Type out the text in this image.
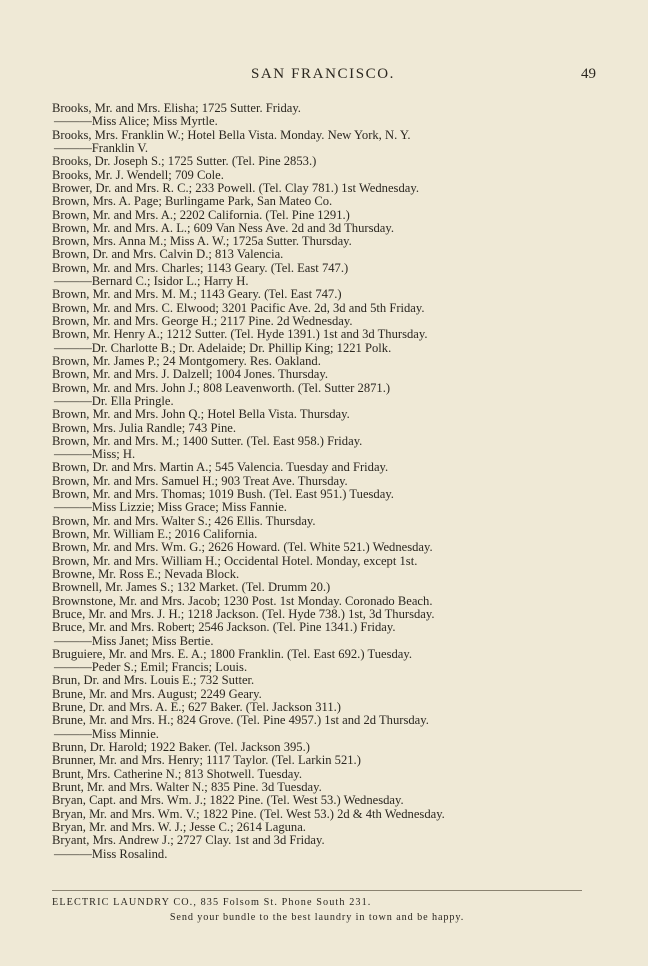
SAN FRANCISCO.	49
Brooks, Mr. and Mrs. Elisha; 1725 Sutter. Friday.
———Miss Alice; Miss Myrtle.
Brooks, Mrs. Franklin W.; Hotel Bella Vista. Monday. New York, N. Y.
———Franklin V.
Brooks, Dr. Joseph S.; 1725 Sutter. (Tel. Pine 2853.)
Brooks, Mr. J. Wendell; 709 Cole.
Brower, Dr. and Mrs. R. C.; 233 Powell. (Tel. Clay 781.) 1st Wednesday.
Brown, Mrs. A. Page; Burlingame Park, San Mateo Co.
Brown, Mr. and Mrs. A.; 2202 California. (Tel. Pine 1291.)
Brown, Mr. and Mrs. A. L.; 609 Van Ness Ave. 2d and 3d Thursday.
Brown, Mrs. Anna M.; Miss A. W.; 1725a Sutter. Thursday.
Brown, Dr. and Mrs. Calvin D.; 813 Valencia.
Brown, Mr. and Mrs. Charles; 1143 Geary. (Tel. East 747.)
———Bernard C.; Isidor L.; Harry H.
Brown, Mr. and Mrs. M. M.; 1143 Geary. (Tel. East 747.)
Brown, Mr. and Mrs. C. Elwood; 3201 Pacific Ave. 2d, 3d and 5th Friday.
Brown, Mr. and Mrs. George H.; 2117 Pine. 2d Wednesday.
Brown, Mr. Henry A.; 1212 Sutter. (Tel. Hyde 1391.) 1st and 3d Thursday.
———Dr. Charlotte B.; Dr. Adelaide; Dr. Phillip King; 1221 Polk.
Brown, Mr. James P.; 24 Montgomery. Res. Oakland.
Brown, Mr. and Mrs. J. Dalzell; 1004 Jones. Thursday.
Brown, Mr. and Mrs. John J.; 808 Leavenworth. (Tel. Sutter 2871.)
———Dr. Ella Pringle.
Brown, Mr. and Mrs. John Q.; Hotel Bella Vista. Thursday.
Brown, Mrs. Julia Randle; 743 Pine.
Brown, Mr. and Mrs. M.; 1400 Sutter. (Tel. East 958.) Friday.
———Miss; H.
Brown, Dr. and Mrs. Martin A.; 545 Valencia. Tuesday and Friday.
Brown, Mr. and Mrs. Samuel H.; 903 Treat Ave. Thursday.
Brown, Mr. and Mrs. Thomas; 1019 Bush. (Tel. East 951.) Tuesday.
———Miss Lizzie; Miss Grace; Miss Fannie.
Brown, Mr. and Mrs. Walter S.; 426 Ellis. Thursday.
Brown, Mr. William E.; 2016 California.
Brown, Mr. and Mrs. Wm. G.; 2626 Howard. (Tel. White 521.) Wednesday.
Brown, Mr. and Mrs. William H.; Occidental Hotel. Monday, except 1st.
Browne, Mr. Ross E.; Nevada Block.
Brownell, Mr. James S.; 132 Market. (Tel. Drumm 20.)
Brownstone, Mr. and Mrs. Jacob; 1230 Post. 1st Monday. Coronado Beach.
Bruce, Mr. and Mrs. J. H.; 1218 Jackson. (Tel. Hyde 738.) 1st, 3d Thursday.
Bruce, Mr. and Mrs. Robert; 2546 Jackson. (Tel. Pine 1341.) Friday.
———Miss Janet; Miss Bertie.
Bruguiere, Mr. and Mrs. E. A.; 1800 Franklin. (Tel. East 692.) Tuesday.
———Peder S.; Emil; Francis; Louis.
Brun, Dr. and Mrs. Louis E.; 732 Sutter.
Brune, Mr. and Mrs. August; 2249 Geary.
Brune, Dr. and Mrs. A. E.; 627 Baker. (Tel. Jackson 311.)
Brune, Mr. and Mrs. H.; 824 Grove. (Tel. Pine 4957.) 1st and 2d Thursday.
———Miss Minnie.
Brunn, Dr. Harold; 1922 Baker. (Tel. Jackson 395.)
Brunner, Mr. and Mrs. Henry; 1117 Taylor. (Tel. Larkin 521.)
Brunt, Mrs. Catherine N.; 813 Shotwell. Tuesday.
Brunt, Mr. and Mrs. Walter N.; 835 Pine. 3d Tuesday.
Bryan, Capt. and Mrs. Wm. J.; 1822 Pine. (Tel. West 53.) Wednesday.
Bryan, Mr. and Mrs. Wm. V.; 1822 Pine. (Tel. West 53.) 2d & 4th Wednesday.
Bryan, Mr. and Mrs. W. J.; Jesse C.; 2614 Laguna.
Bryant, Mrs. Andrew J.; 2727 Clay. 1st and 3d Friday.
———Miss Rosalind.
ELECTRIC LAUNDRY CO., 835 Folsom St. Phone South 231.
Send your bundle to the best laundry in town and be happy.
